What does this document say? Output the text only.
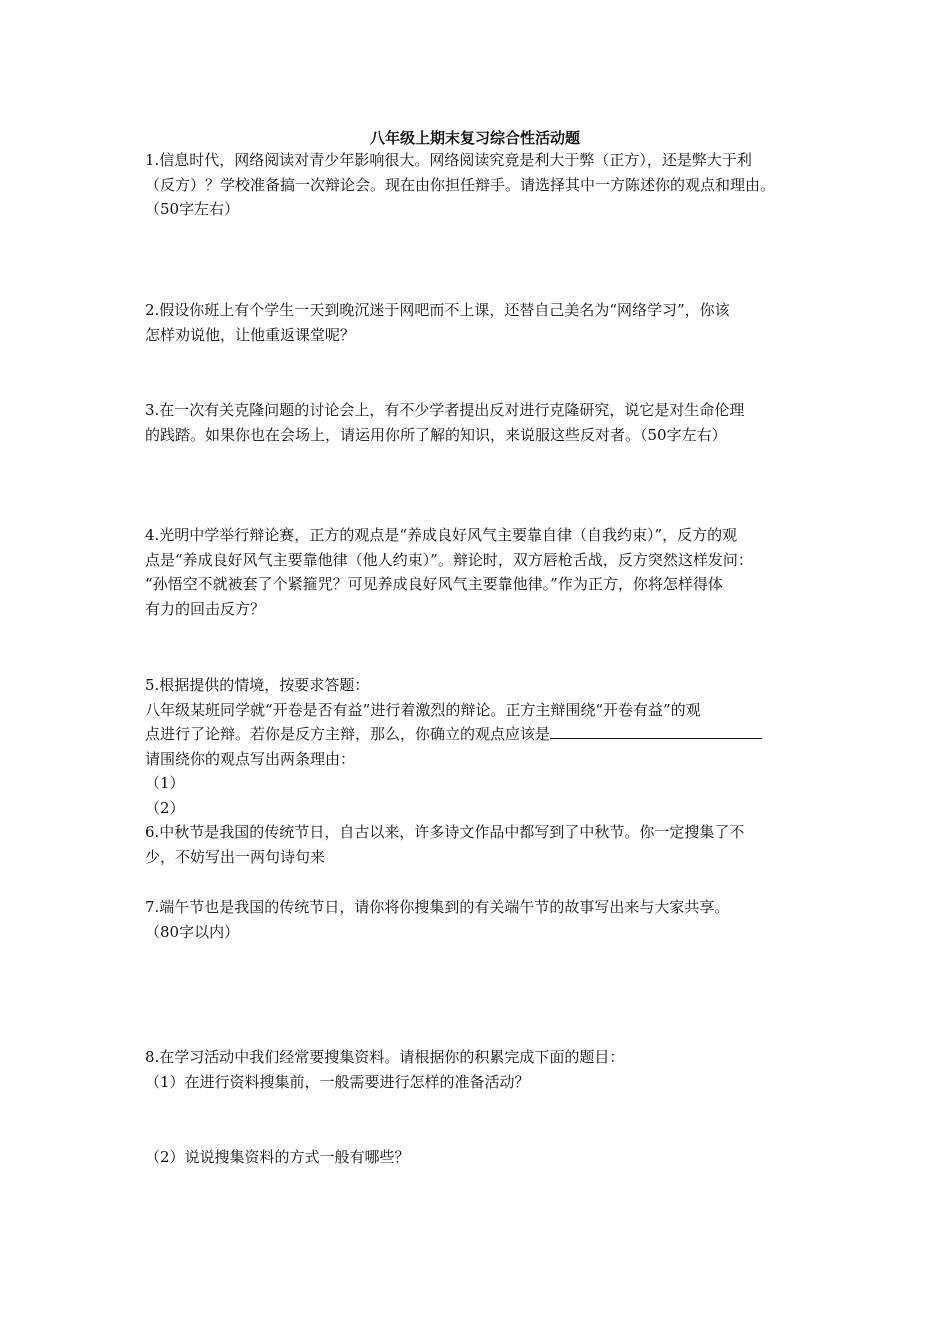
八年级上期末复习综合性活动题

1.信息时代，网络阅读对青少年影响很大。网络阅读究竟是利大于弊（正方），还是弊大于利

（反方）？学校准备搞一次辩论会。现在由你担任辩手。请选择其中一方陈述你的观点和理由。

（50字左右）

2.假设你班上有个学生一天到晚沉迷于网吧而不上课，还替自己美名为“网络学习”，你该

怎样劝说他，让他重返课堂呢？

3.在一次有关克隆问题的讨论会上，有不少学者提出反对进行克隆研究，说它是对生命伦理

的践踏。如果你也在会场上，请运用你所了解的知识，来说服这些反对者。（50字左右）

4.光明中学举行辩论赛，正方的观点是“养成良好风气主要靠自律（自我约束）”，反方的观

点是“养成良好风气主要靠他律（他人约束）”。辩论时，双方唇枪舌战，反方突然这样发问：

“孙悟空不就被套了个紧箍咒？可见养成良好风气主要靠他律。”作为正方，你将怎样得体

有力的回击反方？

5.根据提供的情境，按要求答题：

八年级某班同学就“开卷是否有益”进行着激烈的辩论。正方主辩围绕“开卷有益”的观

点进行了论辩。若你是反方主辩，那么，你确立的观点应该是

请围绕你的观点写出两条理由：

（1）

（2）

6.中秋节是我国的传统节日，自古以来，许多诗文作品中都写到了中秋节。你一定搜集了不

少，不妨写出一两句诗句来

7.端午节也是我国的传统节日，请你将你搜集到的有关端午节的故事写出来与大家共享。

（80字以内）

8.在学习活动中我们经常要搜集资料。请根据你的积累完成下面的题目：

（1）在进行资料搜集前，一般需要进行怎样的准备活动？

（2）说说搜集资料的方式一般有哪些？
